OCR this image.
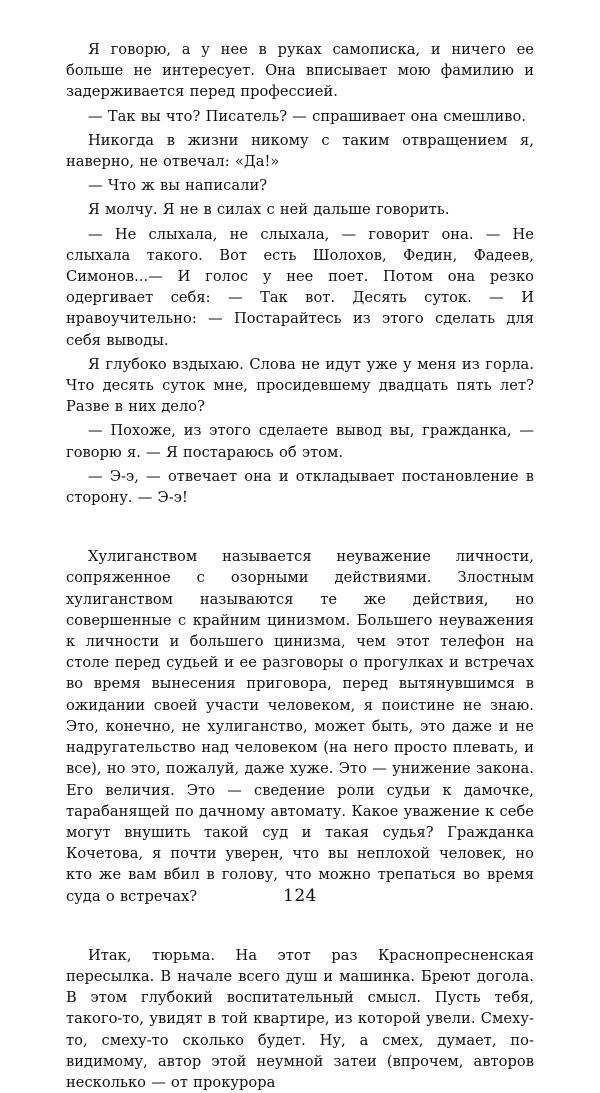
Я говорю, а у нее в руках самописка, и ничего ее больше не интересует. Она вписывает мою фамилию и задерживается перед профессией.

— Так вы что? Писатель? — спрашивает она смешливо.

Никогда в жизни никому с таким отвращением я, наверно, не отвечал: «Да!»

— Что ж вы написали?

Я молчу. Я не в силах с ней дальше говорить.

— Не слыхала, не слыхала, — говорит она. — Не слыхала такого. Вот есть Шолохов, Федин, Фадеев, Симонов...— И голос у нее поет. Потом она резко одергивает себя: — Так вот. Десять суток. — И нравоучительно: — Постарайтесь из этого сделать для себя выводы.

Я глубоко вздыхаю. Слова не идут уже у меня из горла. Что десять суток мне, просидевшему двадцать пять лет? Разве в них дело?

— Похоже, из этого сделаете вывод вы, гражданка, — говорю я. — Я постараюсь об этом.

— Э-э, — отвечает она и откладывает постановление в сторону. — Э-э!

Хулиганством называется неуважение личности, сопряженное с озорными действиями. Злостным хулиганством называются те же действия, но совершенные с крайним цинизмом. Большего неуважения к личности и большего цинизма, чем этот телефон на столе перед судьей и ее разговоры о прогулках и встречах во время вынесения приговора, перед вытянувшимся в ожидании своей участи человеком, я поистине не знаю. Это, конечно, не хулиганство, может быть, это даже и не надругательство над человеком (на него просто плевать, и все), но это, пожалуй, даже хуже. Это — унижение закона. Его величия. Это — сведение роли судьи к дамочке, тарабанящей по дачному автомату. Какое уважение к себе могут внушить такой суд и такая судья? Гражданка Кочетова, я почти уверен, что вы неплохой человек, но кто же вам вбил в голову, что можно трепаться во время суда о встречах?

Итак, тюрьма. На этот раз Краснопресненская пересылка. В начале всего душ и машинка. Бреют догола. В этом глубокий воспитательный смысл. Пусть тебя, такого-то, увидят в той квартире, из которой увели. Смеху-то, смеху-то сколько будет. Ну, а смех, думает, по-видимому, автор этой неумной затеи (впрочем, авторов несколько — от прокурора

124
